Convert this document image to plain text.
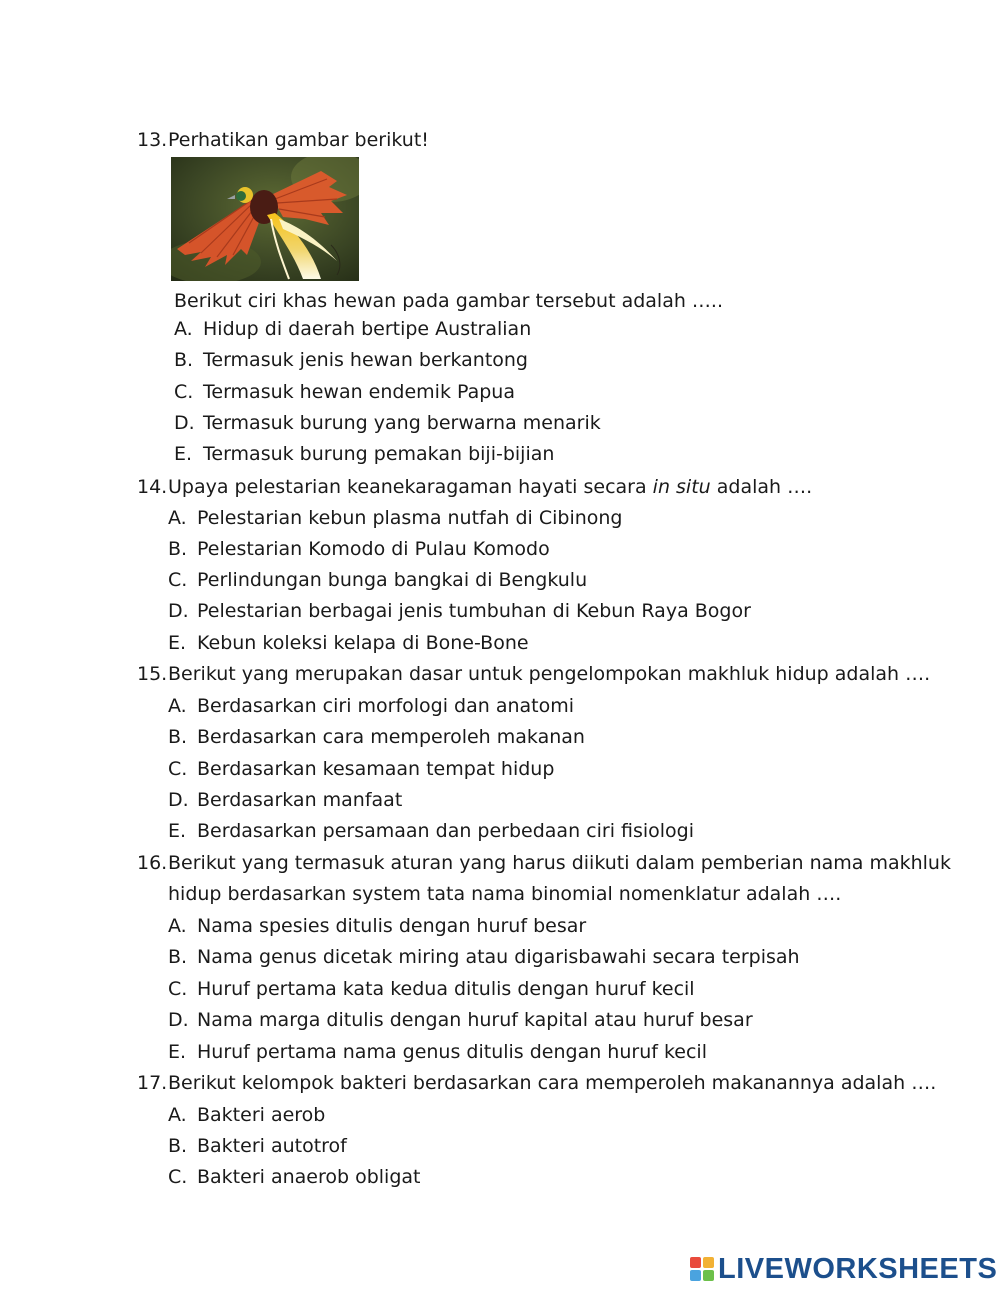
13. Perhatikan gambar berikut!
Berikut ciri khas hewan pada gambar tersebut adalah …..
A. Hidup di daerah bertipe Australian
B. Termasuk jenis hewan berkantong
C. Termasuk hewan endemik Papua
D. Termasuk burung yang berwarna menarik
E. Termasuk burung pemakan biji-bijian
14. Upaya pelestarian keanekaragaman hayati secara in situ adalah ….
A. Pelestarian kebun plasma nutfah di Cibinong
B. Pelestarian Komodo di Pulau Komodo
C. Perlindungan bunga bangkai di Bengkulu
D. Pelestarian berbagai jenis tumbuhan di Kebun Raya Bogor
E. Kebun koleksi kelapa di Bone-Bone
15. Berikut yang merupakan dasar untuk pengelompokan makhluk hidup adalah ….
A. Berdasarkan ciri morfologi dan anatomi
B. Berdasarkan cara memperoleh makanan
C. Berdasarkan kesamaan tempat hidup
D. Berdasarkan manfaat
E. Berdasarkan persamaan dan perbedaan ciri fisiologi
16. Berikut yang termasuk aturan yang harus diikuti dalam pemberian nama makhluk
hidup berdasarkan system tata nama binomial nomenklatur adalah ….
A. Nama spesies ditulis dengan huruf besar
B. Nama genus dicetak miring atau digarisbawahi secara terpisah
C. Huruf pertama kata kedua ditulis dengan huruf kecil
D. Nama marga ditulis dengan huruf kapital atau huruf besar
E. Huruf pertama nama genus ditulis dengan huruf kecil
17. Berikut kelompok bakteri berdasarkan cara memperoleh makanannya adalah ….
A. Bakteri aerob
B. Bakteri autotrof
C. Bakteri anaerob obligat
LIVEWORKSHEETS
